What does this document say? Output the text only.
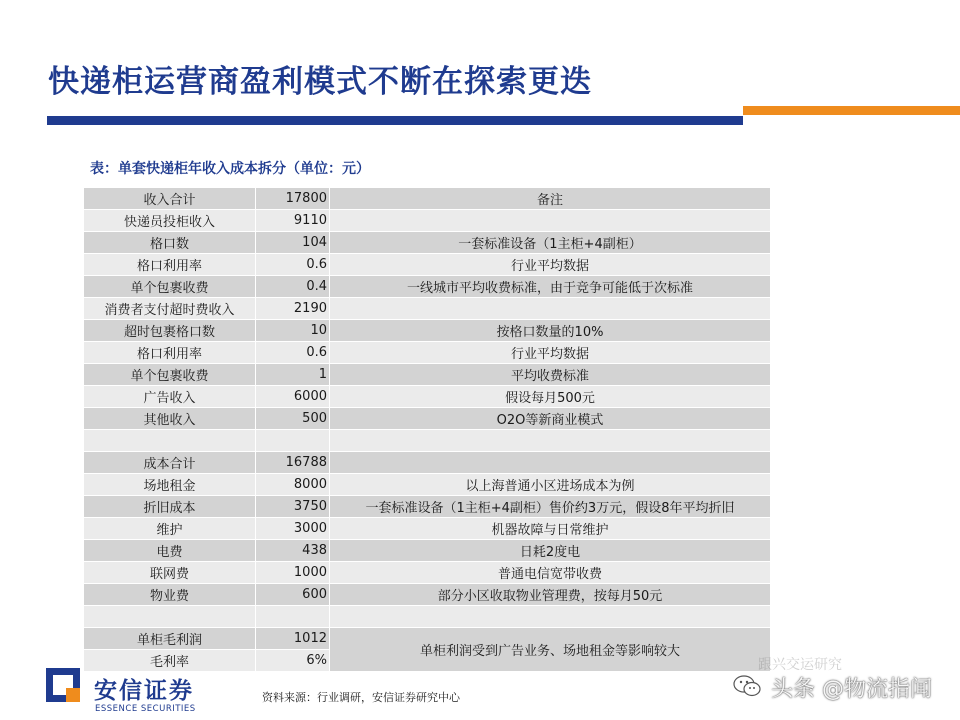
快递柜运营商盈利模式不断在探索更迭
表：单套快递柜年收入成本拆分（单位：元）
收入合计	17800	备注
快递员投柜收入	9110	
格口数	104	一套标准设备（1主柜+4副柜）
格口利用率	0.6	行业平均数据
单个包裹收费	0.4	一线城市平均收费标准，由于竞争可能低于次标准
消费者支付超时费收入	2190	
超时包裹格口数	10	按格口数量的10%
格口利用率	0.6	行业平均数据
单个包裹收费	1	平均收费标准
广告收入	6000	假设每月500元
其他收入	500	O2O等新商业模式

成本合计	16788	
场地租金	8000	以上海普通小区进场成本为例
折旧成本	3750	一套标准设备（1主柜+4副柜）售价约3万元，假设8年平均折旧
维护	3000	机器故障与日常维护
电费	438	日耗2度电
联网费	1000	普通电信宽带收费
物业费	600	部分小区收取物业管理费，按每月50元

单柜毛利润	1012	单柜利润受到广告业务、场地租金等影响较大
毛利率	6%	
安信证券
ESSENCE SECURITIES
资料来源：行业调研，安信证券研究中心
跟兴交运研究
头条 @物流指闻
